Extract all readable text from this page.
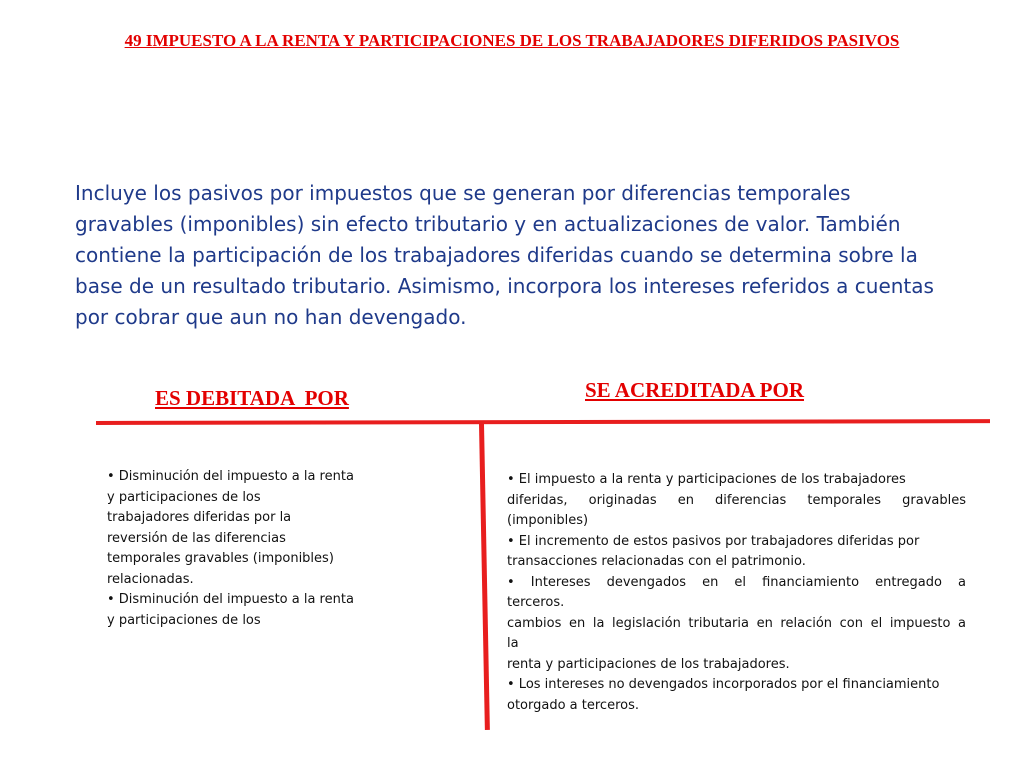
49 IMPUESTO A LA RENTA Y PARTICIPACIONES DE LOS TRABAJADORES DIFERIDOS PASIVOS
Incluye los pasivos por impuestos que se generan por diferencias temporales gravables (imponibles) sin efecto tributario y en actualizaciones de valor. También contiene la participación de los trabajadores diferidas cuando se determina sobre la base de un resultado tributario. Asimismo, incorpora los intereses referidos a cuentas por cobrar que aun no han devengado.
ES DEBITADA  POR	SE ACREDITADA POR

• Disminución del impuesto a la renta

y participaciones de los

trabajadores diferidas por la

reversión de las diferencias

temporales gravables (imponibles)

relacionadas.

• Disminución del impuesto a la renta

y participaciones de los

• El impuesto a la renta y participaciones de los trabajadores

diferidas, originadas en diferencias temporales gravables

(imponibles)

• El incremento de estos pasivos por trabajadores diferidas por

transacciones relacionadas con el patrimonio.

• Intereses devengados en el financiamiento entregado a

terceros.

cambios en la legislación tributaria en relación con el impuesto a

la

renta y participaciones de los trabajadores.

• Los intereses no devengados incorporados por el financiamiento

otorgado a terceros.
